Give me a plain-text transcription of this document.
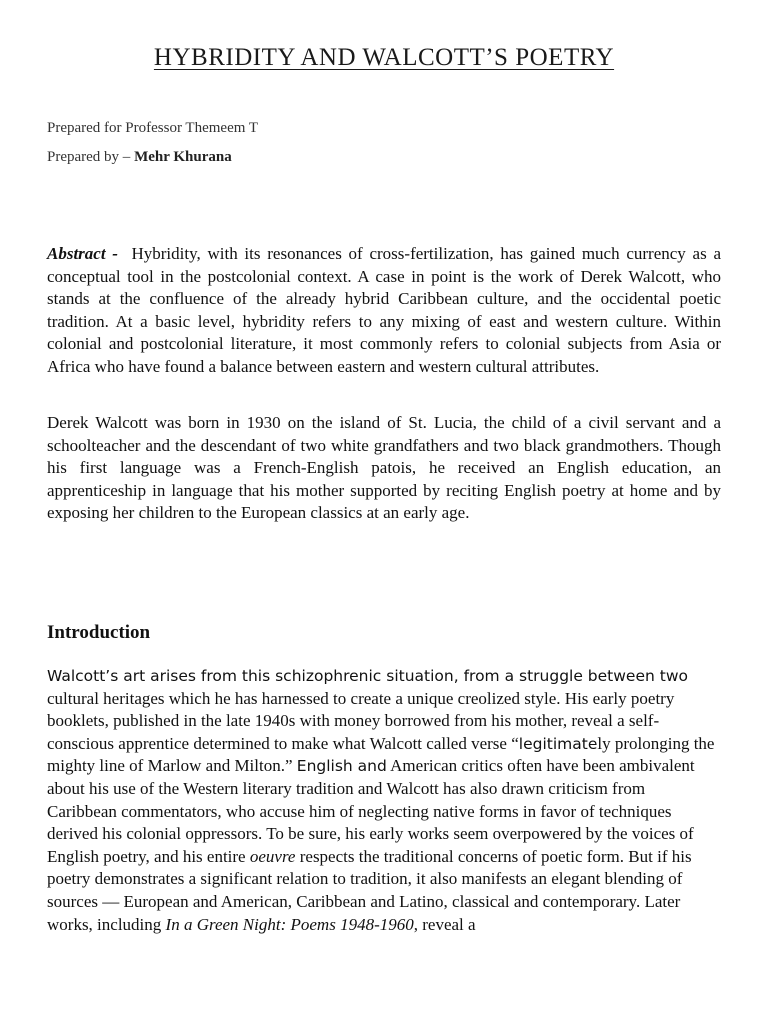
HYBRIDITY AND WALCOTT’S POETRY
Prepared for Professor Themeem T
Prepared by – Mehr Khurana

Abstract - Hybridity, with its resonances of cross-fertilization, has gained much currency as a conceptual tool in the postcolonial context. A case in point is the work of Derek Walcott, who stands at the confluence of the already hybrid Caribbean culture, and the occidental poetic tradition. At a basic level, hybridity refers to any mixing of east and western culture. Within colonial and postcolonial literature, it most commonly refers to colonial subjects from Asia or Africa who have found a balance between eastern and western cultural attributes.

Derek Walcott was born in 1930 on the island of St. Lucia, the child of a civil servant and a schoolteacher and the descendant of two white grandfathers and two black grandmothers. Though his first language was a French-English patois, he received an English education, an apprenticeship in language that his mother supported by reciting English poetry at home and by exposing her children to the European classics at an early age.

Introduction

Walcott’s art arises from this schizophrenic situation, from a struggle between two cultural heritages which he has harnessed to create a unique creolized style. His early poetry booklets, published in the late 1940s with money borrowed from his mother, reveal a self-conscious apprentice determined to make what Walcott called verse “legitimately prolonging the mighty line of Marlow and Milton.” English and American critics often have been ambivalent about his use of the Western literary tradition and Walcott has also drawn criticism from Caribbean commentators, who accuse him of neglecting native forms in favor of techniques derived his colonial oppressors. To be sure, his early works seem overpowered by the voices of English poetry, and his entire oeuvre respects the traditional concerns of poetic form. But if his poetry demonstrates a significant relation to tradition, it also manifests an elegant blending of sources — European and American, Caribbean and Latino, classical and contemporary. Later works, including In a Green Night: Poems 1948-1960, reveal a
